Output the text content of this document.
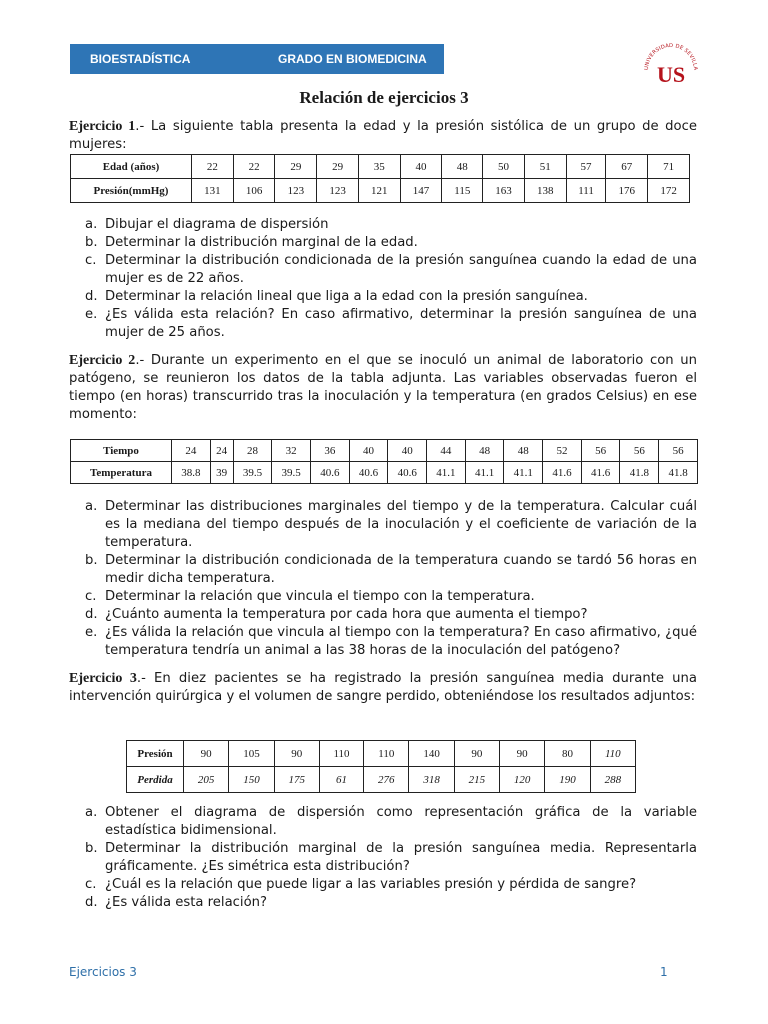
BIOESTADÍSTICA	GRADO EN BIOMEDICINA
UNIVERSIDAD DE SEVILLA
US
Relación de ejercicios 3
Ejercicio 1.- La siguiente tabla presenta la edad y la presión sistólica de un grupo de doce mujeres:
Edad (años)	22	22	29	29	35	40	48	50	51	57	67	71
Presión(mmHg)	131	106	123	123	121	147	115	163	138	111	176	172
a. Dibujar el diagrama de dispersión
b. Determinar la distribución marginal de la edad.
c. Determinar la distribución condicionada de la presión sanguínea cuando la edad de una mujer es de 22 años.
d. Determinar la relación lineal que liga a la edad con la presión sanguínea.
e. ¿Es válida esta relación? En caso afirmativo, determinar la presión sanguínea de una mujer de 25 años.
Ejercicio 2.- Durante un experimento en el que se inoculó un animal de laboratorio con un patógeno, se reunieron los datos de la tabla adjunta. Las variables observadas fueron el tiempo (en horas) transcurrido tras la inoculación y la temperatura (en grados Celsius) en ese momento:
Tiempo	24	24	28	32	36	40	40	44	48	48	52	56	56	56
Temperatura	38.8	39	39.5	39.5	40.6	40.6	40.6	41.1	41.1	41.1	41.6	41.6	41.8	41.8
a. Determinar las distribuciones marginales del tiempo y de la temperatura. Calcular cuál es la mediana del tiempo después de la inoculación y el coeficiente de variación de la temperatura.
b. Determinar la distribución condicionada de la temperatura cuando se tardó 56 horas en medir dicha temperatura.
c. Determinar la relación que vincula el tiempo con la temperatura.
d. ¿Cuánto aumenta la temperatura por cada hora que aumenta el tiempo?
e. ¿Es válida la relación que vincula al tiempo con la temperatura? En caso afirmativo, ¿qué temperatura tendría un animal a las 38 horas de la inoculación del patógeno?
Ejercicio 3.- En diez pacientes se ha registrado la presión sanguínea media durante una intervención quirúrgica y el volumen de sangre perdido, obteniéndose los resultados adjuntos:
Presión	90	105	90	110	110	140	90	90	80	110
Perdida	205	150	175	61	276	318	215	120	190	288
a. Obtener el diagrama de dispersión como representación gráfica de la variable estadística bidimensional.
b. Determinar la distribución marginal de la presión sanguínea media. Representarla gráficamente. ¿Es simétrica esta distribución?
c. ¿Cuál es la relación que puede ligar a las variables presión y pérdida de sangre?
d. ¿Es válida esta relación?
Ejercicios 3	1
